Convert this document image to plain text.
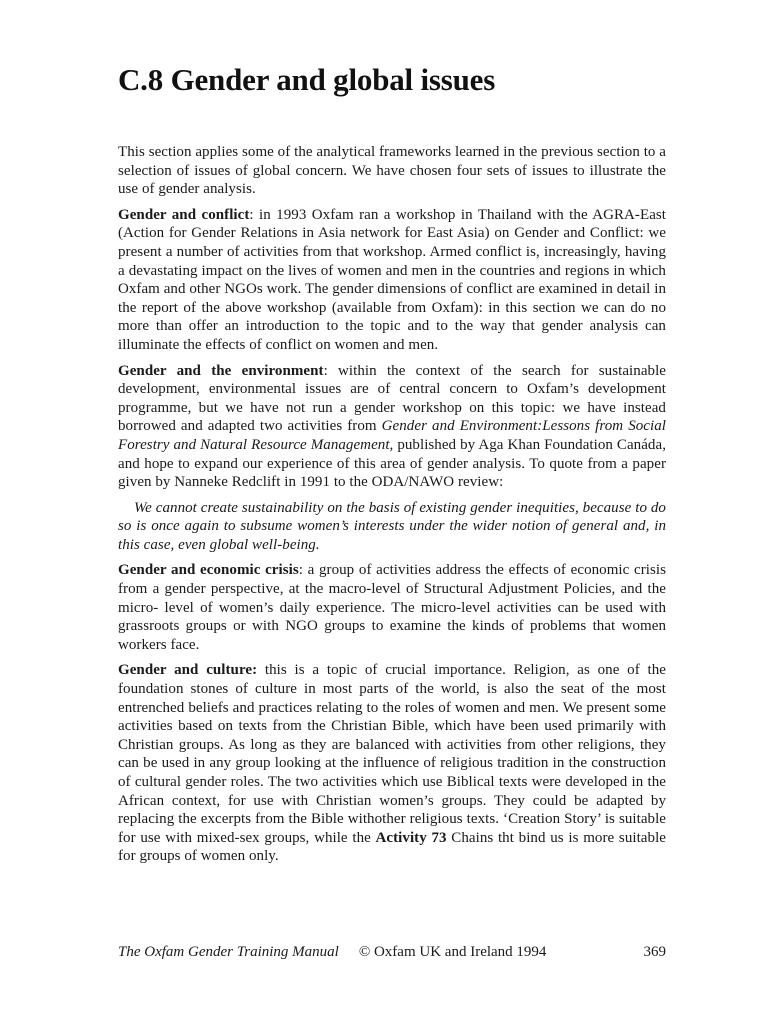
C.8 Gender and global issues

This section applies some of the analytical frameworks learned in the previous section to a selection of issues of global concern. We have chosen four sets of issues to illustrate the use of gender analysis.

Gender and conflict: in 1993 Oxfam ran a workshop in Thailand with the AGRA-East (Action for Gender Relations in Asia network for East Asia) on Gender and Conflict: we present a number of activities from that workshop. Armed conflict is, increasingly, having a devastating impact on the lives of women and men in the countries and regions in which Oxfam and other NGOs work. The gender dimensions of conflict are examined in detail in the report of the above workshop (available from Oxfam): in this section we can do no more than offer an introduction to the topic and to the way that gender analysis can illuminate the effects of conflict on women and men.

Gender and the environment: within the context of the search for sustainable development, environmental issues are of central concern to Oxfam’s development programme, but we have not run a gender workshop on this topic: we have instead borrowed and adapted two activities from Gender and Environment:Lessons from Social Forestry and Natural Resource Management, published by Aga Khan Foundation Canáda, and hope to expand our experience of this area of gender analysis. To quote from a paper given by Nanneke Redclift in 1991 to the ODA/NAWO review:

We cannot create sustainability on the basis of existing gender inequities, because to do so is once again to subsume women’s interests under the wider notion of general and, in this case, even global well-being.

Gender and economic crisis: a group of activities address the effects of economic crisis from a gender perspective, at the macro-level of Structural Adjustment Policies, and the micro- level of women’s daily experience. The micro-level activities can be used with grassroots groups or with NGO groups to examine the kinds of problems that women workers face.

Gender and culture: this is a topic of crucial importance. Religion, as one of the foundation stones of culture in most parts of the world, is also the seat of the most entrenched beliefs and practices relating to the roles of women and men. We present some activities based on texts from the Christian Bible, which have been used primarily with Christian groups. As long as they are balanced with activities from other religions, they can be used in any group looking at the influence of religious tradition in the construction of cultural gender roles. The two activities which use Biblical texts were developed in the African context, for use with Christian women’s groups. They could be adapted by replacing the excerpts from the Bible withother religious texts. ‘Creation Story’ is suitable for use with mixed-sex groups, while the Activity 73 Chains tht bind us is more suitable for groups of women only.

The Oxfam Gender Training Manual © Oxfam UK and Ireland 1994	369
